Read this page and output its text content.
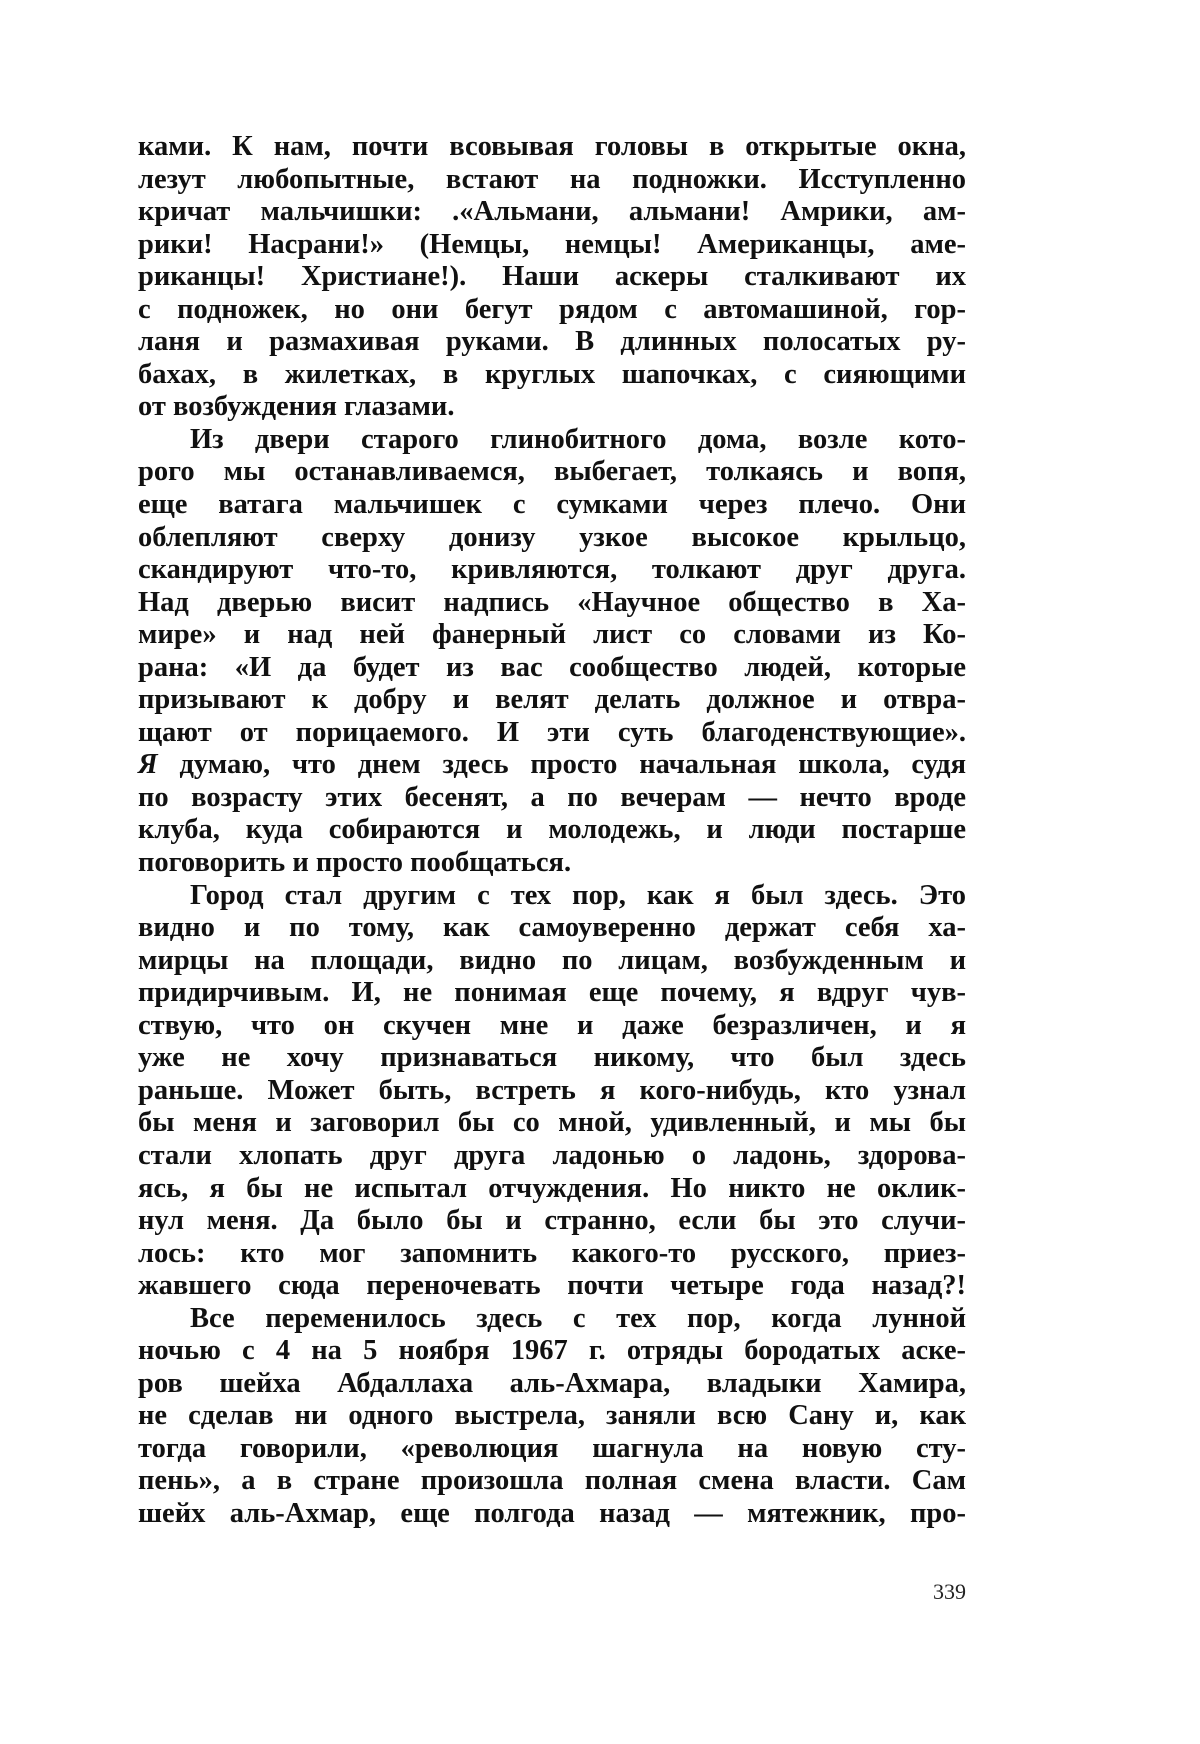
ками. К нам, почти всовывая головы в открытые окна,
лезут любопытные, встают на подножки. Исступленно
кричат мальчишки: .«Альмани, альмани! Амрики, ам-
рики! Насрани!» (Немцы, немцы! Американцы, аме-
риканцы! Христиане!). Наши аскеры сталкивают их
с подножек, но они бегут рядом с автомашиной, гор-
ланя и размахивая руками. В длинных полосатых ру-
бахах, в жилетках, в круглых шапочках, с сияющими
от возбуждения глазами.
Из двери старого глинобитного дома, возле кото-
рого мы останавливаемся, выбегает, толкаясь и вопя,
еще ватага мальчишек с сумками через плечо. Они
облепляют сверху донизу узкое высокое крыльцо,
скандируют что-то, кривляются, толкают друг друга.
Над дверью висит надпись «Научное общество в Ха-
мире» и над ней фанерный лист со словами из Ко-
рана: «И да будет из вас сообщество людей, которые
призывают к добру и велят делать должное и отвра-
щают от порицаемого. И эти суть благоденствующие».
Я думаю, что днем здесь просто начальная школа, судя
по возрасту этих бесенят, а по вечерам — нечто вроде
клуба, куда собираются и молодежь, и люди постарше
поговорить и просто пообщаться.
Город стал другим с тех пор, как я был здесь. Это
видно и по тому, как самоуверенно держат себя ха-
мирцы на площади, видно по лицам, возбужденным и
придирчивым. И, не понимая еще почему, я вдруг чув-
ствую, что он скучен мне и даже безразличен, и я
уже не хочу признаваться никому, что был здесь
раньше. Может быть, встреть я кого-нибудь, кто узнал
бы меня и заговорил бы со мной, удивленный, и мы бы
стали хлопать друг друга ладонью о ладонь, здорова-
ясь, я бы не испытал отчуждения. Но никто не оклик-
нул меня. Да было бы и странно, если бы это случи-
лось: кто мог запомнить какого-то русского, приез-
жавшего сюда переночевать почти четыре года назад?!
Все переменилось здесь с тех пор, когда лунной
ночью с 4 на 5 ноября 1967 г. отряды бородатых аске-
ров шейха Абдаллаха аль-Ахмара, владыки Хамира,
не сделав ни одного выстрела, заняли всю Сану и, как
тогда говорили, «революция шагнула на новую сту-
пень», а в стране произошла полная смена власти. Сам
шейх аль-Ахмар, еще полгода назад — мятежник, про-
339
